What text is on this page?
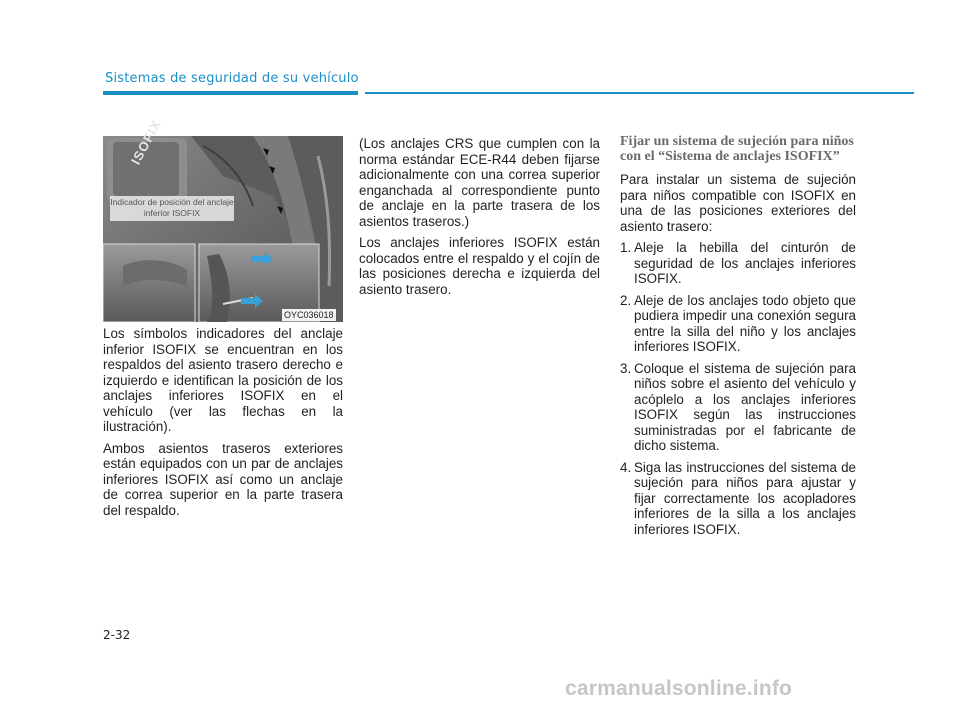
Sistemas de seguridad de su vehículo
ISOFIX
Indicador de posición del anclaje inferior ISOFIX
OYC036018

Los símbolos indicadores del anclaje inferior ISOFIX se encuentran en los respaldos del asiento trasero derecho e izquierdo e identifican la posición de los anclajes inferiores ISOFIX en el vehículo (ver las flechas en la ilustración).

Ambos asientos traseros exteriores están equipados con un par de anclajes inferiores ISOFIX así como un anclaje de correa superior en la parte trasera del respaldo.

(Los anclajes CRS que cumplen con la norma estándar ECE-R44 deben fijarse adicionalmente con una correa superior enganchada al correspondiente punto de anclaje en la parte trasera de los asientos traseros.)

Los anclajes inferiores ISOFIX están colocados entre el respaldo y el cojín de las posiciones derecha e izquierda del asiento trasero.

Fijar un sistema de sujeción para niños con el “Sistema de anclajes ISOFIX”

Para instalar un sistema de sujeción para niños compatible con ISOFIX en una de las posiciones exteriores del asiento trasero:

1. Aleje la hebilla del cinturón de seguridad de los anclajes inferiores ISOFIX.
2. Aleje de los anclajes todo objeto que pudiera impedir una conexión segura entre la silla del niño y los anclajes inferiores ISOFIX.
3. Coloque el sistema de sujeción para niños sobre el asiento del vehículo y acóplelo a los anclajes inferiores ISOFIX según las instrucciones suministradas por el fabricante de dicho sistema.
4. Siga las instrucciones del sistema de sujeción para niños para ajustar y fijar correctamente los acopladores inferiores de la silla a los anclajes inferiores ISOFIX.
2-32
carmanualsonline.info
